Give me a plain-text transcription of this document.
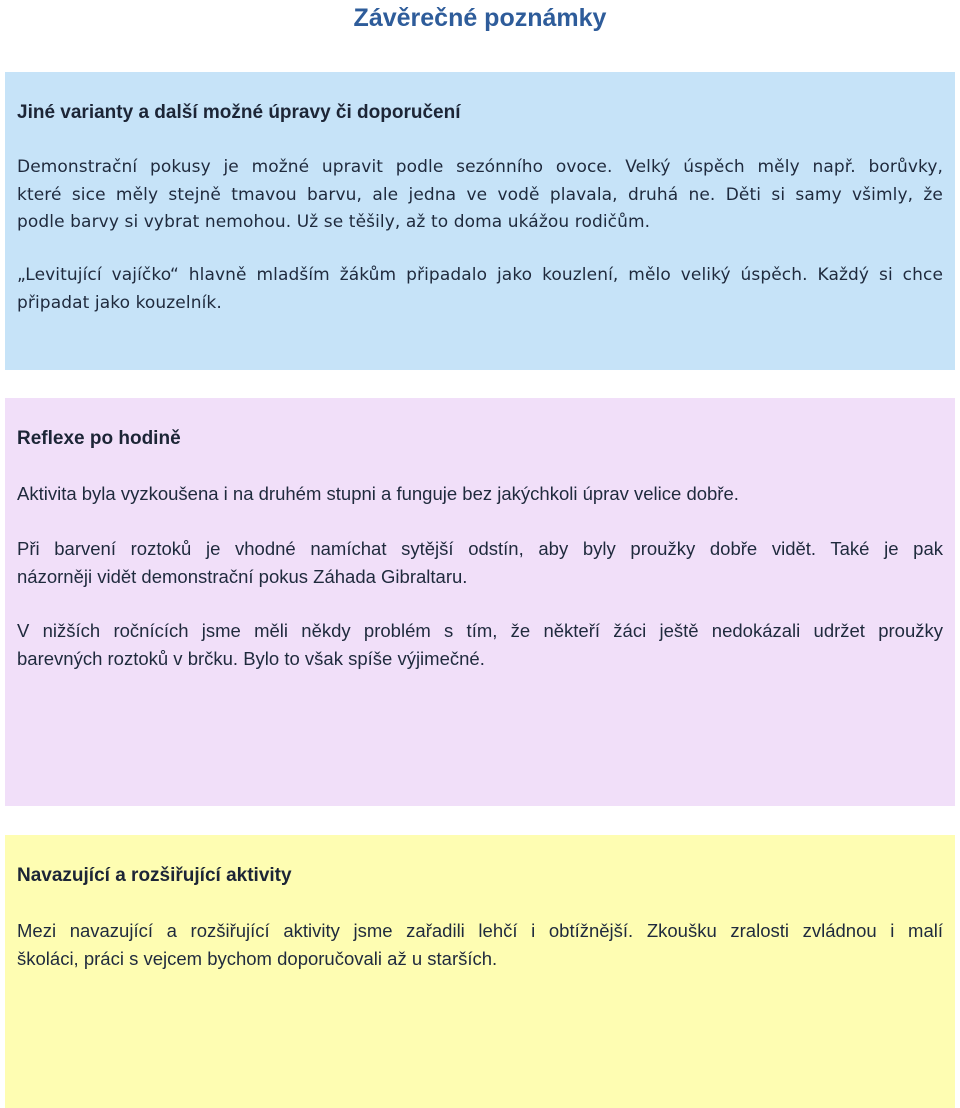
Závěrečné poznámky
Jiné varianty a další možné úpravy či doporučení

Demonstrační pokusy je možné upravit podle sezónního ovoce. Velký úspěch měly např. borůvky,
které sice měly stejně tmavou barvu, ale jedna ve vodě plavala, druhá ne. Děti si samy všimly, že
podle barvy si vybrat nemohou. Už se těšily, až to doma ukážou rodičům.

„Levitující vajíčko“ hlavně mladším žákům připadalo jako kouzlení, mělo veliký úspěch. Každý si chce
připadat jako kouzelník.

Reflexe po hodině

Aktivita byla vyzkoušena i na druhém stupni a funguje bez jakýchkoli úprav velice dobře.

Při barvení roztoků je vhodné namíchat sytější odstín, aby byly proužky dobře vidět. Také je pak
názorněji vidět demonstrační pokus Záhada Gibraltaru.

V nižších ročnících jsme měli někdy problém s tím, že někteří žáci ještě nedokázali udržet proužky
barevných roztoků v brčku. Bylo to však spíše výjimečné.

Navazující a rozšiřující aktivity

Mezi navazující a rozšiřující aktivity jsme zařadili lehčí i obtížnější. Zkoušku zralosti zvládnou i malí
školáci, práci s vejcem bychom doporučovali až u starších.
